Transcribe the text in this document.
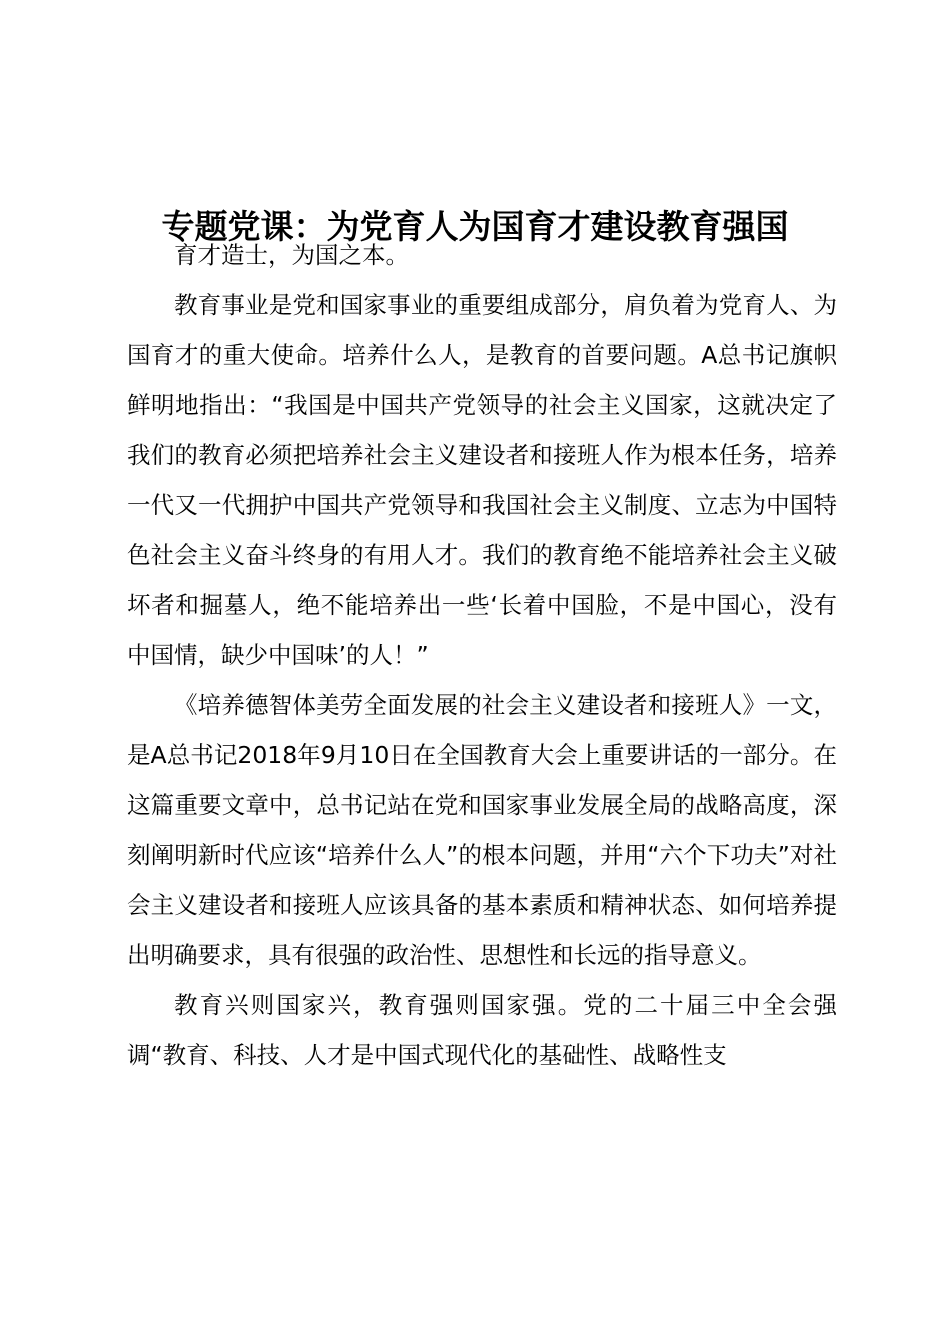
专题党课：为党育人为国育才建设教育强国

育才造士，为国之本。

教育事业是党和国家事业的重要组成部分，肩负着为党育人、为国育才的重大使命。培养什么人，是教育的首要问题。A总书记旗帜鲜明地指出：“我国是中国共产党领导的社会主义国家，这就决定了我们的教育必须把培养社会主义建设者和接班人作为根本任务，培养一代又一代拥护中国共产党领导和我国社会主义制度、立志为中国特色社会主义奋斗终身的有用人才。我们的教育绝不能培养社会主义破坏者和掘墓人，绝不能培养出一些‘长着中国脸，不是中国心，没有中国情，缺少中国味’的人！”

《培养德智体美劳全面发展的社会主义建设者和接班人》一文，是A总书记2018年9月10日在全国教育大会上重要讲话的一部分。在这篇重要文章中，总书记站在党和国家事业发展全局的战略高度，深刻阐明新时代应该“培养什么人”的根本问题，并用“六个下功夫”对社会主义建设者和接班人应该具备的基本素质和精神状态、如何培养提出明确要求，具有很强的政治性、思想性和长远的指导意义。

教育兴则国家兴，教育强则国家强。党的二十届三中全会强调“教育、科技、人才是中国式现代化的基础性、战略性支
